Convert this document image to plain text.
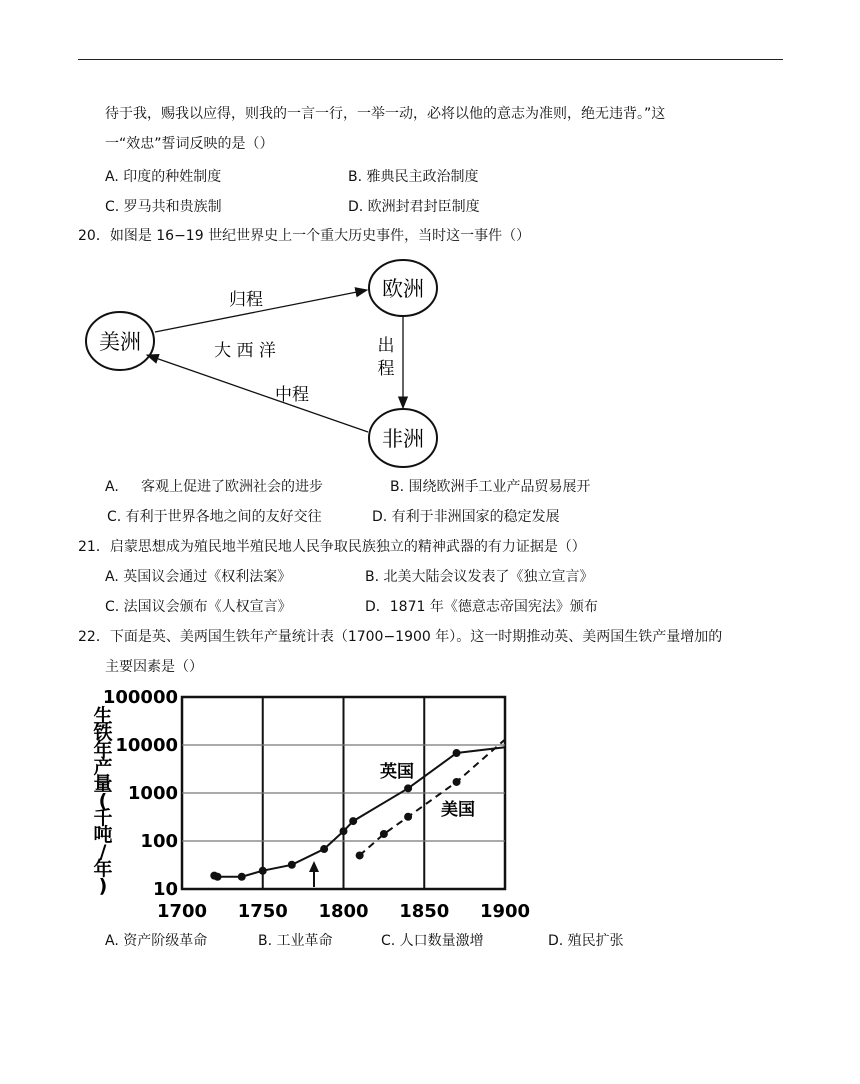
待于我，赐我以应得，则我的一言一行，一举一动，必将以他的意志为准则，绝无违背。”这
一“效忠”誓词反映的是（）
A. 印度的种姓制度	B. 雅典民主政治制度
C. 罗马共和贵族制	D. 欧洲封君封臣制度
20．如图是 16−19 世纪世界史上一个重大历史事件，当时这一事件（）
美洲
欧洲
非洲
归程
出
程
中程
大 西 洋
A. 客观上促进了欧洲社会的进步	B. 围绕欧洲手工业产品贸易展开
C. 有利于世界各地之间的友好交往	D. 有利于非洲国家的稳定发展
21．启蒙思想成为殖民地半殖民地人民争取民族独立的精神武器的有力证据是（）
A. 英国议会通过《权利法案》	B. 北美大陆会议发表了《独立宣言》
C. 法国议会颁布《人权宣言》	D．1871 年《德意志帝国宪法》颁布
22．下面是英、美两国生铁年产量统计表（1700−1900 年）。这一时期推动英、美两国生铁产量增加的
主要因素是（）
1700 1750 1800 1850 1900
10
100
1000
10000
100000
生铁年产量(千吨/年)
英国
美国
A. 资产阶级革命	B. 工业革命	C. 人口数量激增	D. 殖民扩张
